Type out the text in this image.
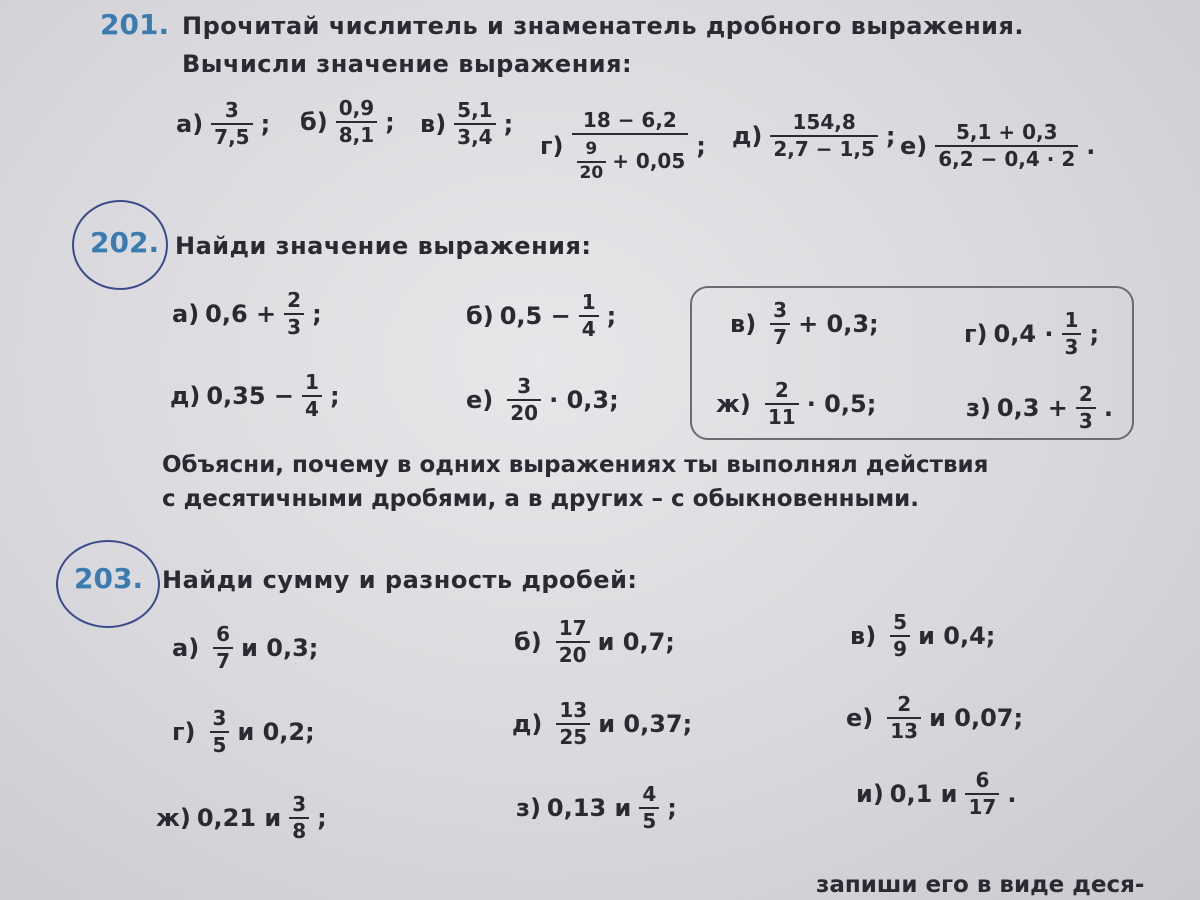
201. Прочитай числитель и знаменатель дробного выражения.
Вычисли значение выражения:
$а) \frac{3}{7,5}$ ; $б) \frac{0,9}{8,1}$ ; $в) \frac{5,1}{3,4}$ ;
$г) \frac{18 - 6,2}{\frac{9}{20} + 0,05}$ ; $д) \frac{154,8}{2,7 - 1,5}$ ; $е) \frac{5,1 + 0,3}{6,2 - 0,4 \cdot 2}$ .
202. Найди значение выражения:
а) $0,6 + \frac{2}{3}$ ;	б) $0,5 - \frac{1}{4}$ ;	$в) \frac{3}{7} + 0,3$;	г) $0,4 \cdot \frac{1}{3}$ ;
д) $0,35 - \frac{1}{4}$ ;	$е) \frac{3}{20} \cdot 0,3$;	$ж) \frac{2}{11} \cdot 0,5$;	з) $0,3 + \frac{2}{3}$ .
Объясни, почему в одних выражениях ты выполнял действия
с десятичными дробями, а в других – с обыкновенными.
203. Найди сумму и разность дробей:
$а) \frac{6}{7}$ и 0,3;	$б) \frac{17}{20}$ и 0,7;	$в) \frac{5}{9}$ и 0,4;
$г) \frac{3}{5}$ и 0,2;	$д) \frac{13}{25}$ и 0,37;	$е) \frac{2}{13}$ и 0,07;
ж) 0,21 и $\frac{3}{8}$ ;	з) 0,13 и $\frac{4}{5}$ ;	и) 0,1 и $\frac{6}{17}$ .
запиши его в виде деся-
